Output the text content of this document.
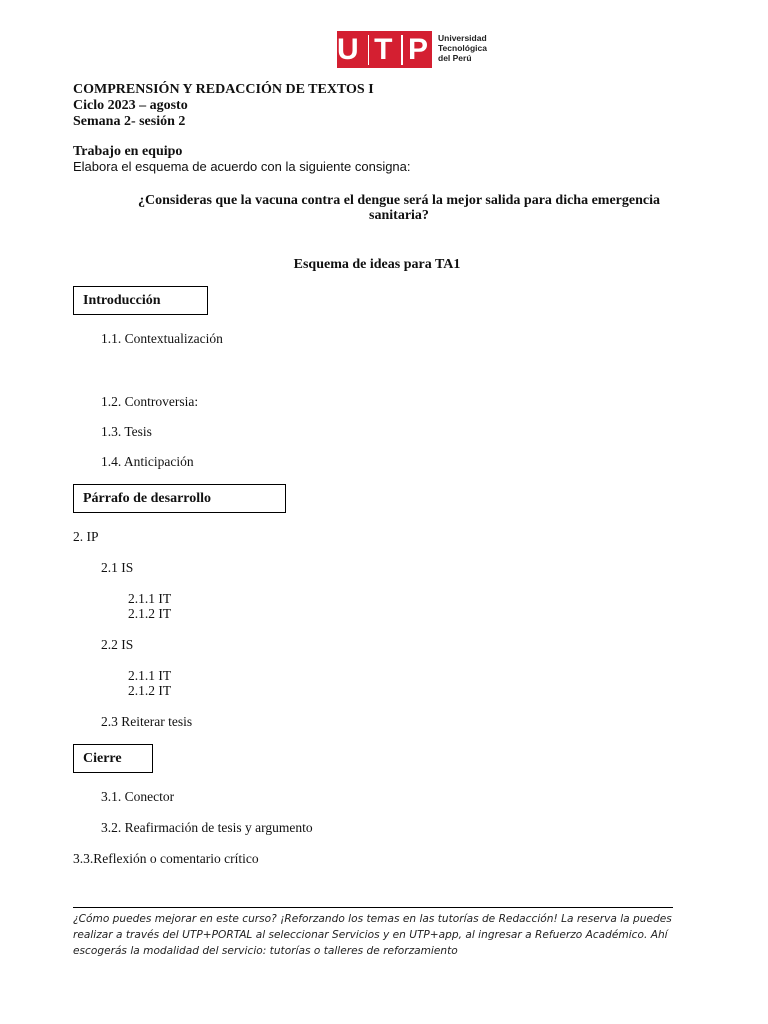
U T P Universidad
Tecnológica
del Perú
COMPRENSIÓN Y REDACCIÓN DE TEXTOS I
Ciclo 2023 – agosto
Semana 2- sesión 2
Trabajo en equipo
Elabora el esquema de acuerdo con la siguiente consigna:
¿Consideras que la vacuna contra el dengue será la mejor salida para dicha emergencia
sanitaria?
Esquema de ideas para TA1
Introducción
1.1. Contextualización
1.2. Controversia:
1.3. Tesis
1.4. Anticipación
Párrafo de desarrollo
2. IP
2.1 IS
2.1.1 IT
2.1.2 IT
2.2 IS
2.1.1 IT
2.1.2 IT
2.3 Reiterar tesis
Cierre
3.1. Conector
3.2. Reafirmación de tesis y argumento
3.3.Reflexión o comentario crítico
¿Cómo puedes mejorar en este curso? ¡Reforzando los temas en las tutorías de Redacción! La reserva la puedes
realizar a través del UTP+PORTAL al seleccionar Servicios y en UTP+app, al ingresar a Refuerzo Académico. Ahí
escogerás la modalidad del servicio: tutorías o talleres de reforzamiento
